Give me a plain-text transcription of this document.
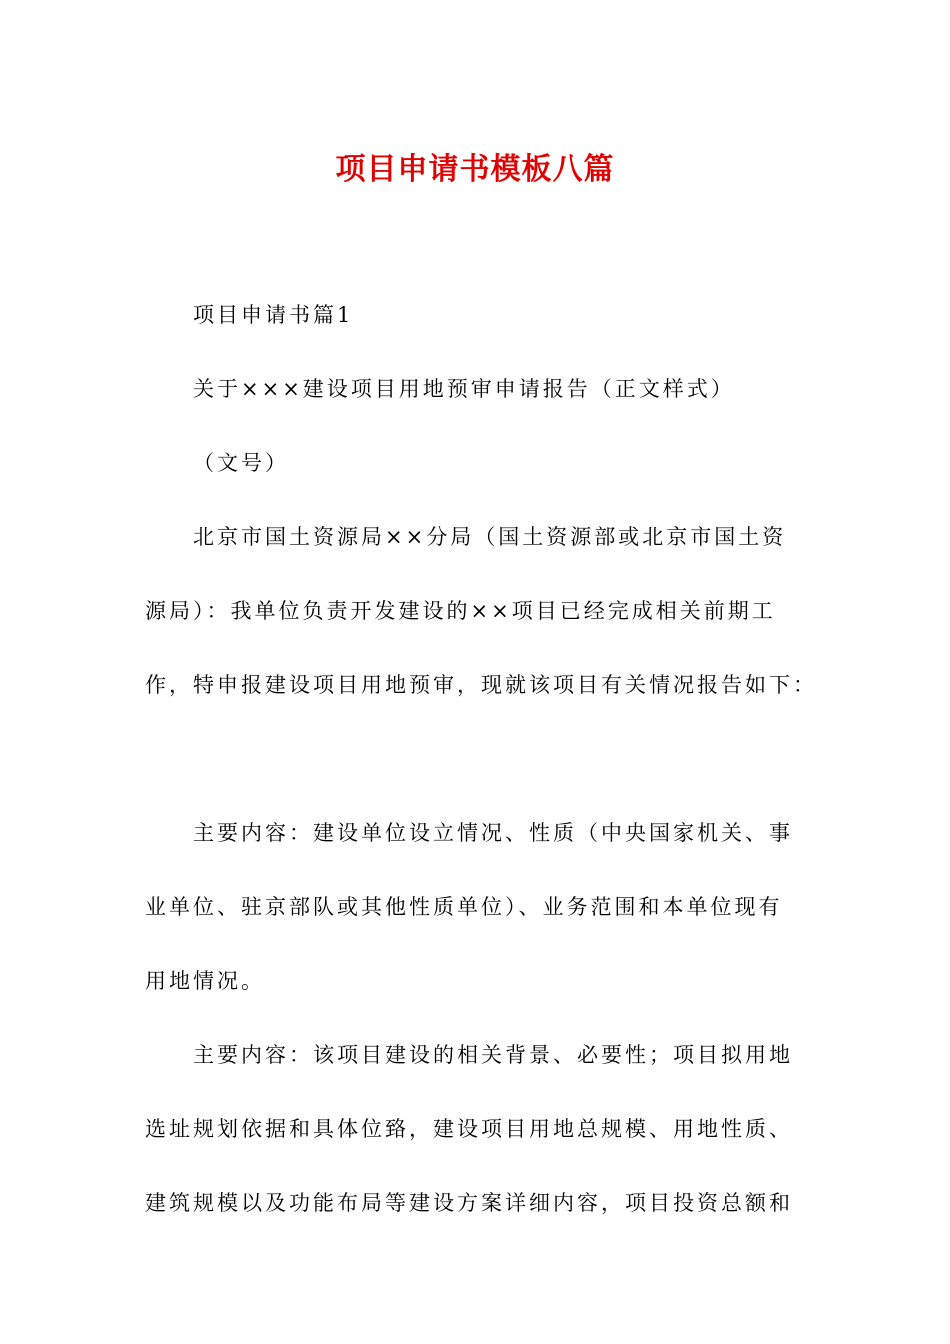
项目申请书模板八篇

项目申请书篇1

关于×××建设项目用地预审申请报告（正文样式）

（文号）

北京市国土资源局××分局（国土资源部或北京市国土资
源局）：我单位负责开发建设的××项目已经完成相关前期工
作，特申报建设项目用地预审，现就该项目有关情况报告如下：

主要内容：建设单位设立情况、性质（中央国家机关、事
业单位、驻京部队或其他性质单位）、业务范围和本单位现有
用地情况。

主要内容：该项目建设的相关背景、必要性；项目拟用地
选址规划依据和具体位臵，建设项目用地总规模、用地性质、
建筑规模以及功能布局等建设方案详细内容，项目投资总额和
